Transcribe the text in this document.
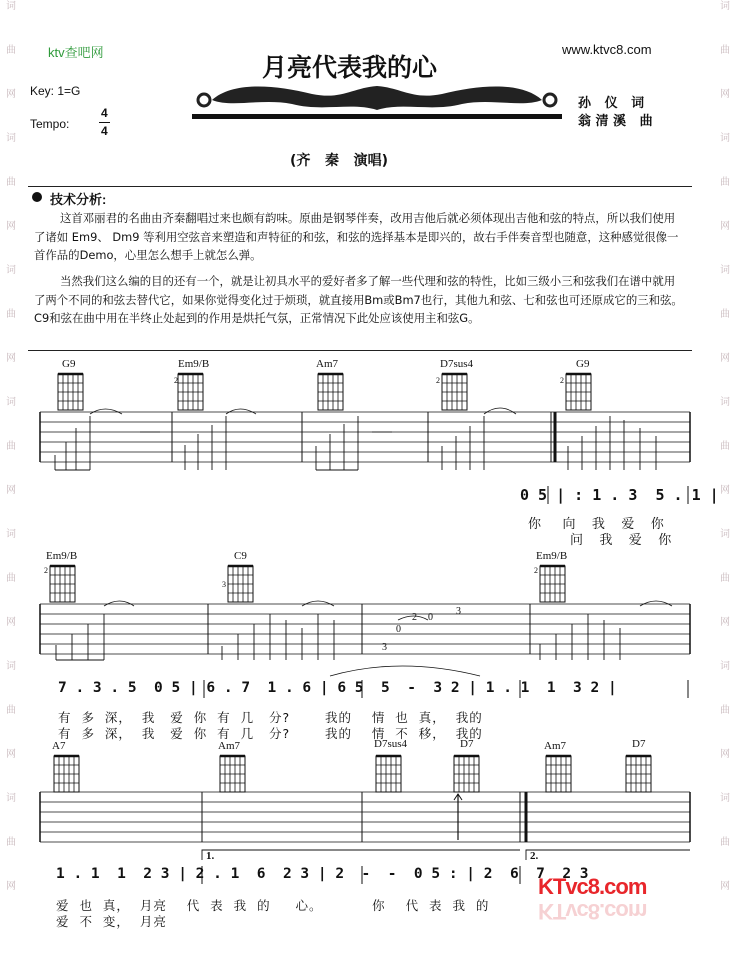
词
曲
网
词
曲
网
词
曲
网
词
曲
网
词
曲
网
词
曲
网
词
曲
网
词
曲
网
词
曲
网
词
曲
网
词
曲
网
词
曲
网
词
曲
网
词
曲
网
ktv查吧网	www.ktvc8.com
月亮代表我的心
Key: 1=G
Tempo:
4
4
孙   仪   词
翁 清 溪   曲
(齐   秦   演唱)
技术分析:
这首邓丽君的名曲由齐秦翻唱过来也颇有韵味。原曲是钢琴伴奏，改用吉他后就必须体现出吉他和弦的特点，所以我们使用了诸如 Em9、 Dm9 等利用空弦音来塑造和声特征的和弦，和弦的选择基本是即兴的，故右手伴奏音型也随意，这种感觉很像一首作品的Demo，心里怎么想手上就怎么弹。
当然我们这么编的目的还有一个，就是让初具水平的爱好者多了解一些代理和弦的特性，比如三级小三和弦我们在谱中就用了两个不同的和弦去替代它，如果你觉得变化过于烦琐，就直接用Bm或Bm7也行，其他九和弦、七和弦也可还原成它的三和弦。C9和弦在曲中用在半终止处起到的作用是烘托气氛，正常情况下此处应该使用主和弦G。
G9	Em9/B	Am7	D7sus4	G9
2	2	2
0
2 0
3
3
0 5 | : 1 . 3  5 . 1 |
你    向   我   爱   你
问   我   爱   你
Em9/B	C9	Em9/B
2
3
2
7 . 3 . 5  0 5 | 6 . 7  1 . 6 | 6 5  5  -  3 2 | 1 . 1  1  3 2 |
有  多  深，  我   爱  你  有  几   分?       我的    情  也  真，  我的
有  多  深，  我   爱  你  有  几   分?       我的    情  不  移，  我的
A7	Am7	D7sus4	D7	Am7	D7
1.	2.
1 . 1  1  2 3 | 2 . 1  6  2 3 | 2  -  -  0 5 : | 2  6  7  2 3
爱  也  真，  月亮    代  表  我  的     心。          你    代  表  我  的
爱  不  变，  月亮
KTvc8.com
KTvc8.com
